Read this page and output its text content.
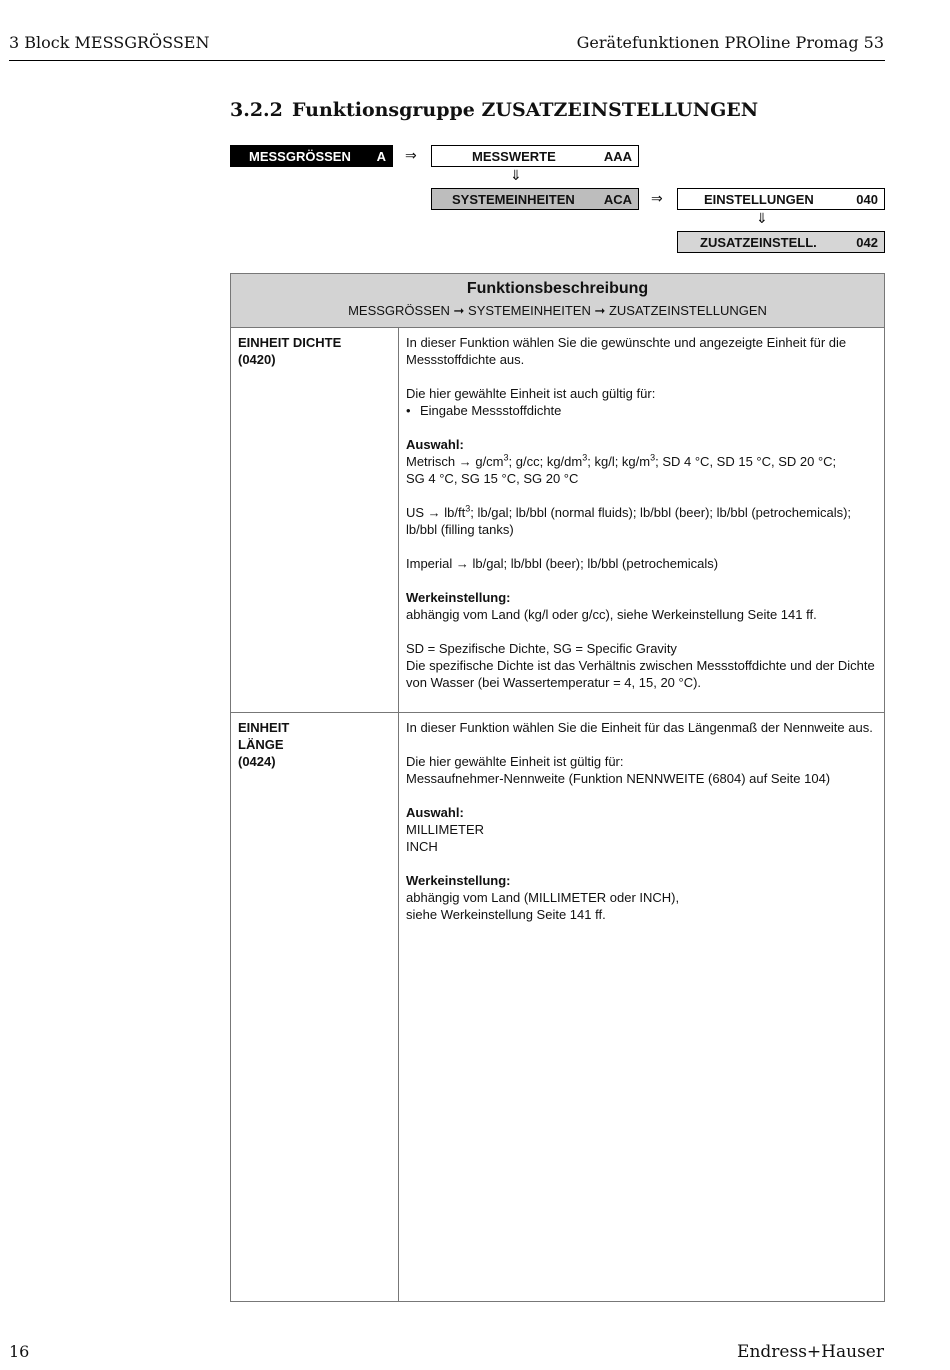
3 Block MESSGRÖSSEN	Gerätefunktionen PROline Promag 53
3.2.2 Funktionsgruppe ZUSATZEINSTELLUNGEN
MESSGRÖSSEN A ⇒	MESSWERTE	AAA
⇓
SYSTEMEINHEITEN ACA ⇒	EINSTELLUNGEN	040
⇓
ZUSATZEINSTELL.	042
Funktionsbeschreibung
MESSGRÖSSEN ➞ SYSTEMEINHEITEN ➞ ZUSATZEINSTELLUNGEN
EINHEIT DICHTE
(0420)

In dieser Funktion wählen Sie die gewünschte und angezeigte Einheit für die Messstoffdichte aus.

Die hier gewählte Einheit ist auch gültig für:
• Eingabe Messstoffdichte

Auswahl:
Metrisch → $g/cm^3$; g/cc; $kg/dm^3$; kg/l; $kg/m^3$; SD 4 °C, SD 15 °C, SD 20 °C;
SG 4 °C, SG 15 °C, SG 20 °C

US → $lb/ft^3$; lb/gal; lb/bbl (normal fluids); lb/bbl (beer); lb/bbl (petrochemicals);
lb/bbl (filling tanks)

Imperial → lb/gal; lb/bbl (beer); lb/bbl (petrochemicals)

Werkeinstellung:
abhängig vom Land (kg/l oder g/cc), siehe Werkeinstellung Seite 141 ff.

SD = Spezifische Dichte, SG = Specific Gravity
Die spezifische Dichte ist das Verhältnis zwischen Messstoffdichte und der Dichte von Wasser (bei Wassertemperatur = 4, 15, 20 °C).

EINHEIT
LÄNGE
(0424)

In dieser Funktion wählen Sie die Einheit für das Längenmaß der Nennweite aus.

Die hier gewählte Einheit ist gültig für:
Messaufnehmer-Nennweite (Funktion NENNWEITE (6804) auf Seite 104)

Auswahl:
MILLIMETER
INCH

Werkeinstellung:
abhängig vom Land (MILLIMETER oder INCH),
siehe Werkeinstellung Seite 141 ff.

16	Endress+Hauser
